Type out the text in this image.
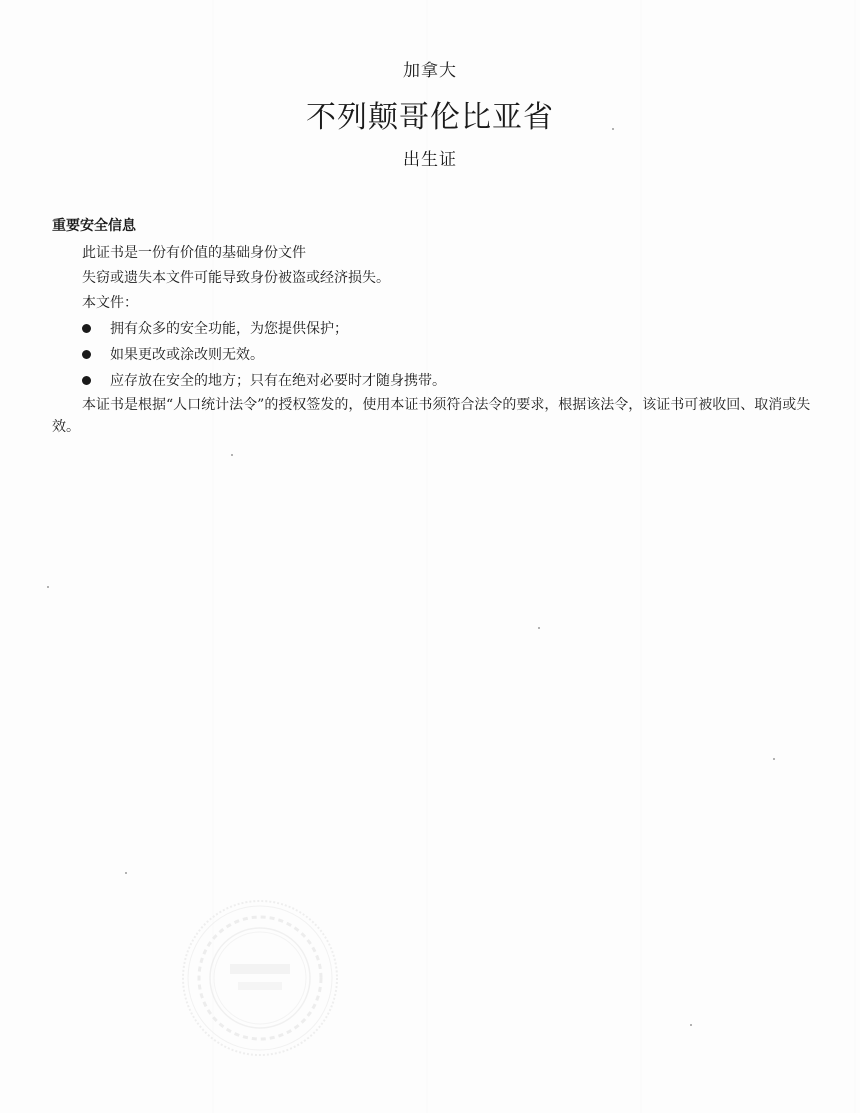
加拿大
不列颠哥伦比亚省
出生证
重要安全信息
此证书是一份有价值的基础身份文件
失窃或遗失本文件可能导致身份被盗或经济损失。
本文件：
拥有众多的安全功能，为您提供保护；
如果更改或涂改则无效。
应存放在安全的地方；只有在绝对必要时才随身携带。
本证书是根据“人口统计法令”的授权签发的，使用本证书须符合法令的要求，根据该法令，该证书可被收回、取消或失效。
